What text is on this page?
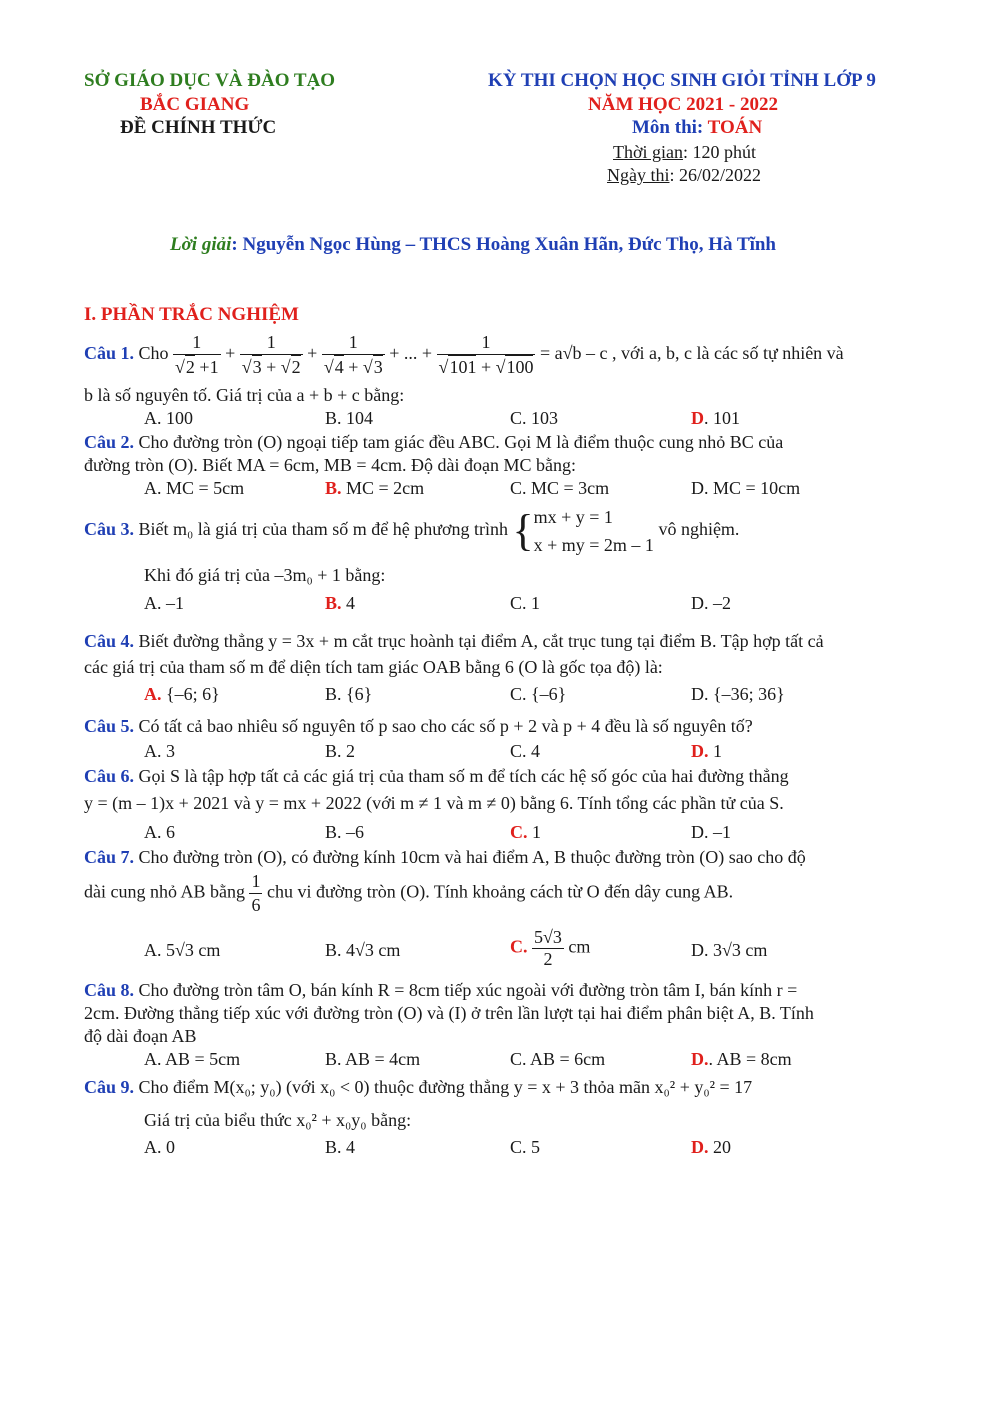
SỞ GIÁO DỤC VÀ ĐÀO TẠO
BẮC GIANG
ĐỀ CHÍNH THỨC
KỲ THI CHỌN HỌC SINH GIỎI TỈNH LỚP 9
NĂM HỌC 2021 - 2022
Môn thi: TOÁN
Thời gian: 120 phút
Ngày thi: 26/02/2022
Lời giải: Nguyễn Ngọc Hùng – THCS Hoàng Xuân Hãn, Đức Thọ, Hà Tĩnh
I. PHẦN TRẮC NGHIỆM
Câu 1. Cho $\frac{1}{√2 +1} + \frac{1}{√3 + √2} + \frac{1}{√4 + √3}$ + ... + $\frac{1}{√101 + √100} = a√b - c$ , với a, b, c là các số tự nhiên và
b là số nguyên tố. Giá trị của a + b + c bằng:
A. 100	B. 104	C. 103	D. 101
Câu 2. Cho đường tròn (O) ngoại tiếp tam giác đều ABC. Gọi M là điểm thuộc cung nhỏ BC của
đường tròn (O). Biết MA = 6cm, MB = 4cm. Độ dài đoạn MC bằng:
A. MC = 5cm	B. MC = 2cm	C. MC = 3cm	D. MC = 10cm
Câu 3. Biết m₀ là giá trị của tham số m để hệ phương trình { mx + y = 1
x + my = 2m – 1
vô nghiệm.
Khi đó giá trị của –3m₀ + 1 bằng:
A. –1	B. 4	C. 1	D. –2
Câu 4. Biết đường thẳng y = 3x + m cắt trục hoành tại điểm A, cắt trục tung tại điểm B. Tập hợp tất cả
các giá trị của tham số m để diện tích tam giác OAB bằng 6 (O là gốc tọa độ) là:
A. {–6; 6}	B. {6}	C. {–6}	D. {–36; 36}
Câu 5. Có tất cả bao nhiêu số nguyên tố p sao cho các số p + 2 và p + 4 đều là số nguyên tố?
A. 3	B. 2	C. 4	D. 1
Câu 6. Gọi S là tập hợp tất cả các giá trị của tham số m để tích các hệ số góc của hai đường thẳng
y = (m – 1)x + 2021 và y = mx + 2022 (với m ≠ 1 và m ≠ 0) bằng 6. Tính tổng các phần tử của S.
A. 6	B. –6	C. 1	D. –1
Câu 7. Cho đường tròn (O), có đường kính 10cm và hai điểm A, B thuộc đường tròn (O) sao cho độ
dài cung nhỏ AB bằng $\frac{1}{6}$ chu vi đường tròn (O). Tính khoảng cách từ O đến dây cung AB.
A. 5√3 cm	B. 4√3 cm	C. $\frac{5√3}{2}$ cm	D. 3√3 cm
Câu 8. Cho đường tròn tâm O, bán kính R = 8cm tiếp xúc ngoài với đường tròn tâm I, bán kính r =
2cm. Đường thẳng tiếp xúc với đường tròn (O) và (I) ở trên lần lượt tại hai điểm phân biệt A, B. Tính
độ dài đoạn AB
A. AB = 5cm	B. AB = 4cm	C. AB = 6cm	D.. AB = 8cm
Câu 9. Cho điểm M(x₀; y₀) (với x₀ < 0) thuộc đường thẳng y = x + 3 thỏa mãn x₀² + y₀² = 17
Giá trị của biểu thức x₀² + x₀y₀ bằng:
A. 0	B. 4	C. 5	D. 20
